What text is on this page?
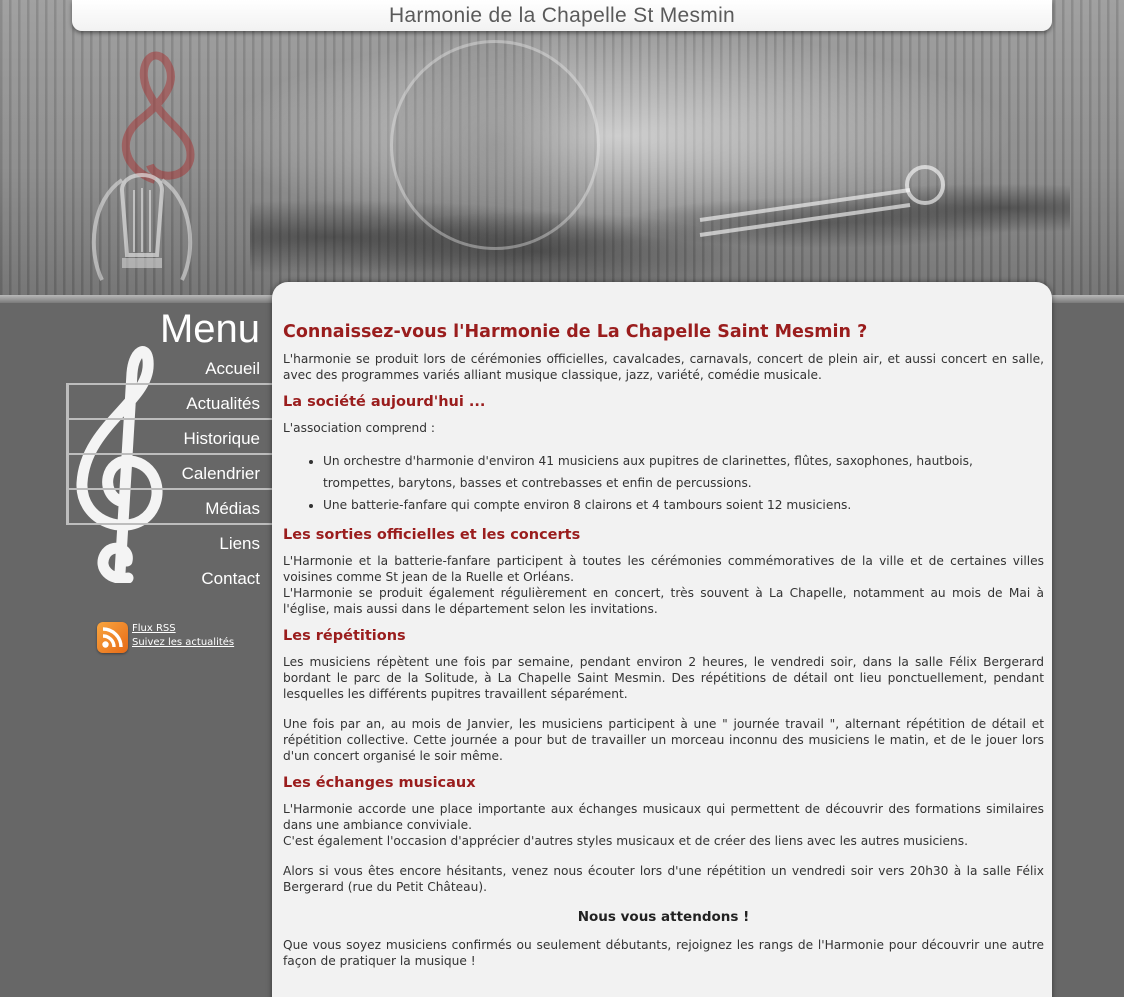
Harmonie de la Chapelle St Mesmin
Menu
Accueil
Actualités
Historique
Calendrier
Médias
Liens
Contact
Flux RSS
Suivez les actualités
Connaissez-vous l'Harmonie de La Chapelle Saint Mesmin ?

L'harmonie se produit lors de cérémonies officielles, cavalcades, carnavals, concert de plein air, et aussi concert en salle, avec des programmes variés alliant musique classique, jazz, variété, comédie musicale.

La société aujourd'hui ...

L'association comprend :

• Un orchestre d'harmonie d'environ 41 musiciens aux pupitres de clarinettes, flûtes, saxophones, hautbois, trompettes, barytons, basses et contrebasses et enfin de percussions.
• Une batterie-fanfare qui compte environ 8 clairons et 4 tambours soient 12 musiciens.
Les sorties officielles et les concerts

L'Harmonie et la batterie-fanfare participent à toutes les cérémonies commémoratives de la ville et de certaines villes voisines comme St jean de la Ruelle et Orléans.

L'Harmonie se produit également régulièrement en concert, très souvent à La Chapelle, notamment au mois de Mai à l'église, mais aussi dans le département selon les invitations.

Les répétitions

Les musiciens répètent une fois par semaine, pendant environ 2 heures, le vendredi soir, dans la salle Félix Bergerard bordant le parc de la Solitude, à La Chapelle Saint Mesmin. Des répétitions de détail ont lieu ponctuellement, pendant lesquelles les différents pupitres travaillent séparément.

Une fois par an, au mois de Janvier, les musiciens participent à une " journée travail ", alternant répétition de détail et répétition collective. Cette journée a pour but de travailler un morceau inconnu des musiciens le matin, et de le jouer lors d'un concert organisé le soir même.

Les échanges musicaux

L'Harmonie accorde une place importante aux échanges musicaux qui permettent de découvrir des formations similaires dans une ambiance conviviale.

C'est également l'occasion d'apprécier d'autres styles musicaux et de créer des liens avec les autres musiciens.

Alors si vous êtes encore hésitants, venez nous écouter lors d'une répétition un vendredi soir vers 20h30 à la salle Félix Bergerard (rue du Petit Château).

Nous vous attendons !

Que vous soyez musiciens confirmés ou seulement débutants, rejoignez les rangs de l'Harmonie pour découvrir une autre façon de pratiquer la musique !
